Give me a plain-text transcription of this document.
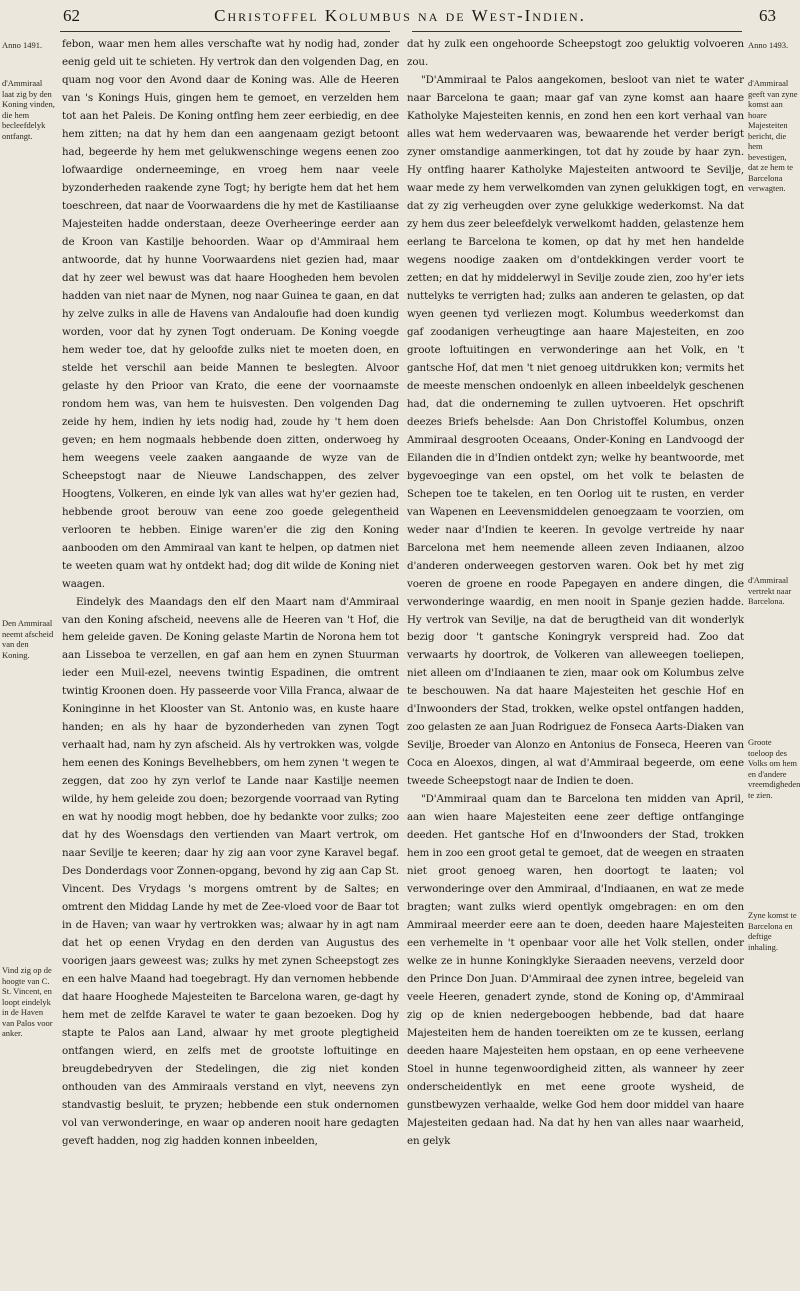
62	Christoffel Kolumbus na de West-Indien.	63
Anno 1491.
d'Ammiraal laat zig by den Koning vinden, die hem becleefdelyk ontfangt.
Den Ammiraal neemt afscheid van den Koning.
Vind zig op de hoogte van C. St. Vincent, en loopt eindelyk in de Haven van Palos voor anker.
Anno 1493.
d'Ammiraal geeft van zyne komst aan hoare Majesteiten bericht, die hem bevestigen, dat ze hem te Barcelona verwagten.
d'Ammiraal vertrekt naar Barcelona.
Groote toeloop des Volks om hem en d'andere vreemdigheden te zien.
Zyne komst te Barcelona en deftige inhaling.

febon, waar men hem alles verschafte wat hy nodig had, zonder eenig geld uit te schieten. Hy vertrok dan den volgenden Dag, en quam nog voor den Avond daar de Koning was. Alle de Heeren van 's Konings Huis, gingen hem te gemoet, en verzelden hem tot aan het Paleis. De Koning ontfing hem zeer eerbiedig, en dee hem zitten; na dat hy hem dan een aangenaam gezigt betoont had, begeerde hy hem met gelukwenschinge wegens eenen zoo lofwaardige onderneeminge, en vroeg hem naar veele byzonderheden raakende zyne Togt; hy berigte hem dat het hem toeschreen, dat naar de Voorwaardens die hy met de Kastiliaanse Majesteiten hadde onderstaan, deeze Overheeringe eerder aan de Kroon van Kastilje behoorden. Waar op d'Ammiraal hem antwoorde, dat hy hunne Voorwaardens niet gezien had, maar dat hy zeer wel bewust was dat haare Hoogheden hem bevolen hadden van niet naar de Mynen, nog naar Guinea te gaan, en dat hy zelve zulks in alle de Havens van Andaloufie had doen kundig worden, voor dat hy zynen Togt onderuam. De Koning voegde hem weder toe, dat hy geloofde zulks niet te moeten doen, en stelde het verschil aan beide Mannen te beslegten. Alvoor gelaste hy den Prioor van Krato, die eene der voornaamste rondom hem was, van hem te huisvesten. Den volgenden Dag zeide hy hem, indien hy iets nodig had, zoude hy 't hem doen geven; en hem nogmaals hebbende doen zitten, onderwoeg hy hem weegens veele zaaken aangaande de wyze van de Scheepstogt naar de Nieuwe Landschappen, des zelver Hoogtens, Volkeren, en einde lyk van alles wat hy'er gezien had, hebbende groot berouw van eene zoo goede gelegentheid verlooren te hebben. Einige waren'er die zig den Koning aanbooden om den Ammiraal van kant te helpen, op datmen niet te weeten quam wat hy ontdekt had; dog dit wilde de Koning niet waagen.

Eindelyk des Maandags den elf den Maart nam d'Ammiraal van den Koning afscheid, neevens alle de Heeren van 't Hof, die hem geleide gaven. De Koning gelaste Martin de Norona hem tot aan Lisseboa te verzellen, en gaf aan hem en zynen Stuurman ieder een Muil-ezel, neevens twintig Espadinen, die omtrent twintig Kroonen doen. Hy passeerde voor Villa Franca, alwaar de Koninginne in het Klooster van St. Antonio was, en kuste haare handen; en als hy haar de byzonderheden van zynen Togt verhaalt had, nam hy zyn afscheid. Als hy vertrokken was, volgde hem eenen des Konings Bevelhebbers, om hem zynen 't wegen te zeggen, dat zoo hy zyn verlof te Lande naar Kastilje neemen wilde, hy hem geleide zou doen; bezorgende voorraad van Ryting en wat hy noodig mogt hebben, doe hy bedankte voor zulks; zoo dat hy des Woensdags den vertienden van Maart vertrok, om naar Sevilje te keeren; daar hy zig aan voor zyne Karavel begaf. Des Donderdags voor Zonnen-opgang, bevond hy zig aan Cap St. Vincent. Des Vrydags 's morgens omtrent by de Saltes; en omtrent den Middag Lande hy met de Zee-vloed voor de Baar tot in de Haven; van waar hy vertrokken was; alwaar hy in agt nam dat het op eenen Vrydag en den derden van Augustus des voorigen jaars geweest was; zulks hy met zynen Scheepstogt zes en een halve Maand had toegebragt. Hy dan vernomen hebbende dat haare Hooghede Majesteiten te Barcelona waren, ge-dagt hy hem met de zelfde Karavel te water te gaan bezoeken. Dog hy stapte te Palos aan Land, alwaar hy met groote plegtigheid ontfangen wierd, en zelfs met de grootste loftuitinge en breugdebedryven der Stedelingen, die zig niet konden onthouden van des Ammiraals verstand en vlyt, neevens zyn standvastig besluit, te pryzen; hebbende een stuk ondernomen vol van verwonderinge, en waar op anderen nooit hare gedagten geveft hadden, nog zig hadden konnen inbeelden,

dat hy zulk een ongehoorde Scheepstogt zoo geluktig volvoeren zou.

"D'Ammiraal te Palos aangekomen, besloot van niet te water naar Barcelona te gaan; maar gaf van zyne komst aan haare Katholyke Majesteiten kennis, en zond hen een kort verhaal van alles wat hem wedervaaren was, bewaarende het verder berigt zyner omstandige aanmerkingen, tot dat hy zoude by haar zyn. Hy ontfing haarer Katholyke Majesteiten antwoord te Sevilje, waar mede zy hem verwelkomden van zynen gelukkigen togt, en dat zy zig verheugden over zyne gelukkige wederkomst. Na dat zy hem dus zeer beleefdelyk verwelkomt hadden, gelastenze hem eerlang te Barcelona te komen, op dat hy met hen handelde wegens noodige zaaken om d'ontdekkingen verder voort te zetten; en dat hy middelerwyl in Sevilje zoude zien, zoo hy'er iets nuttelyks te verrigten had; zulks aan anderen te gelasten, op dat wyen geenen tyd verliezen mogt. Kolumbus weederkomst dan gaf zoodanigen verheugtinge aan haare Majesteiten, en zoo groote loftuitingen en verwonderinge aan het Volk, en 't gantsche Hof, dat men 't niet genoeg uitdrukken kon; vermits het de meeste menschen ondoenlyk en alleen inbeeldelyk geschenen had, dat die onderneming te zullen uytvoeren. Het opschrift deezes Briefs behelsde: Aan Don Christoffel Kolumbus, onzen Ammiraal desgrooten Oceaans, Onder-Koning en Landvoogd der Eilanden die in d'Indien ontdekt zyn; welke hy beantwoorde, met bygevoeginge van een opstel, om het volk te belasten de Schepen toe te takelen, en ten Oorlog uit te rusten, en verder van Wapenen en Leevensmiddelen genoegzaam te voorzien, om weder naar d'Indien te keeren. In gevolge vertreide hy naar Barcelona met hem neemende alleen zeven Indiaanen, alzoo d'anderen onderweegen gestorven waren. Ook bet hy met zig voeren de groene en roode Papegayen en andere dingen, die verwonderinge waardig, en men nooit in Spanje gezien hadde. Hy vertrok van Sevilje, na dat de berugtheid van dit wonderlyk bezig door 't gantsche Koningryk verspreid had. Zoo dat verwaarts hy doortrok, de Volkeren van alleweegen toeliepen, niet alleen om d'Indiaanen te zien, maar ook om Kolumbus zelve te beschouwen. Na dat haare Majesteiten het geschie Hof en d'Inwoonders der Stad, trokken, welke opstel ontfangen hadden, zoo gelasten ze aan Juan Rodriguez de Fonseca Aarts-Diaken van Sevilje, Broeder van Alonzo en Antonius de Fonseca, Heeren van Coca en Aloexos, dingen, al wat d'Ammiraal begeerde, om eene tweede Scheepstogt naar de Indien te doen.

"D'Ammiraal quam dan te Barcelona ten midden van April, aan wien haare Majesteiten eene zeer deftige ontfanginge deeden. Het gantsche Hof en d'Inwoonders der Stad, trokken hem in zoo een groot getal te gemoet, dat de weegen en straaten niet groot genoeg waren, hen doortogt te laaten; vol verwonderinge over den Ammiraal, d'Indiaanen, en wat ze mede bragten; want zulks wierd opentlyk omgebragen: en om den Ammiraal meerder eere aan te doen, deeden haare Majesteiten een verhemelte in 't openbaar voor alle het Volk stellen, onder welke ze in hunne Koningklyke Sieraaden neevens, verzeld door den Prince Don Juan. D'Ammiraal dee zynen intree, begeleid van veele Heeren, genadert zynde, stond de Koning op, d'Ammiraal zig op de knien nedergeboogen hebbende, bad dat haare Majesteiten hem de handen toereikten om ze te kussen, eerlang deeden haare Majesteiten hem opstaan, en op eene verheevene Stoel in hunne tegenwoordigheid zitten, als wanneer hy zeer onderscheidentlyk en met eene groote wysheid, de gunstbewyzen verhaalde, welke God hem door middel van haare Majesteiten gedaan had. Na dat hy hen van alles naar waarheid, en gelyk
